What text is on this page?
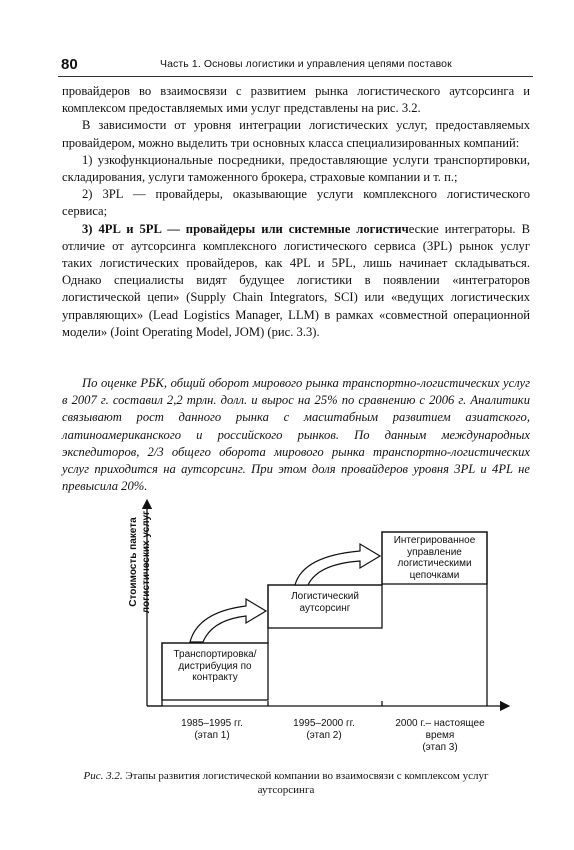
80	Часть 1. Основы логистики и управления цепями поставок

провайдеров во взаимосвязи с развитием рынка логистического аутсорсинга и комплексом предоставляемых ими услуг представлены на рис. 3.2.

В зависимости от уровня интеграции логистических услуг, предоставляемых провайдером, можно выделить три основных класса специализированных компаний:

1) узкофункциональные посредники, предоставляющие услуги транспортировки, складирования, услуги таможенного брокера, страховые компании и т. п.;

2) 3PL — провайдеры, оказывающие услуги комплексного логистического сервиса;

3) 4PL и 5PL — провайдеры или системные логистические интеграторы. В отличие от аутсорсинга комплексного логистического сервиса (3PL) рынок услуг таких логистических провайдеров, как 4PL и 5PL, лишь начинает складываться. Однако специалисты видят будущее логистики в появлении «интеграторов логистической цепи» (Supply Chain Integrators, SCI) или «ведущих логистических управляющих» (Lead Logistics Manager, LLM) в рамках «совместной операционной модели» (Joint Operating Model, JOM) (рис. 3.3).

По оценке РБК, общий оборот мирового рынка транспортно-логистических услуг в 2007 г. составил 2,2 трлн. долл. и вырос на 25% по сравнению с 2006 г. Аналитики связывают рост данного рынка с масштабным развитием азиатского, латиноамериканского и российского рынков. По данным международных экспедиторов, 2/3 общего оборота мирового рынка транспортно-логистических услуг приходится на аутсорсинг. При этом доля провайдеров уровня 3PL и 4PL не превысила 20%.
Стоимость пакета логистических услуг
Транспортировка/ дистрибуция по контракту
Логистический аутсорсинг
Интегрированное управление логистическими цепочками
1985–1995 гг.
(этап 1)
1995–2000 гг.
(этап 2)
2000 г.– настоящее время
(этап 3)
Рис. 3.2. Этапы развития логистической компании во взаимосвязи с комплексом услуг аутсорсинга
